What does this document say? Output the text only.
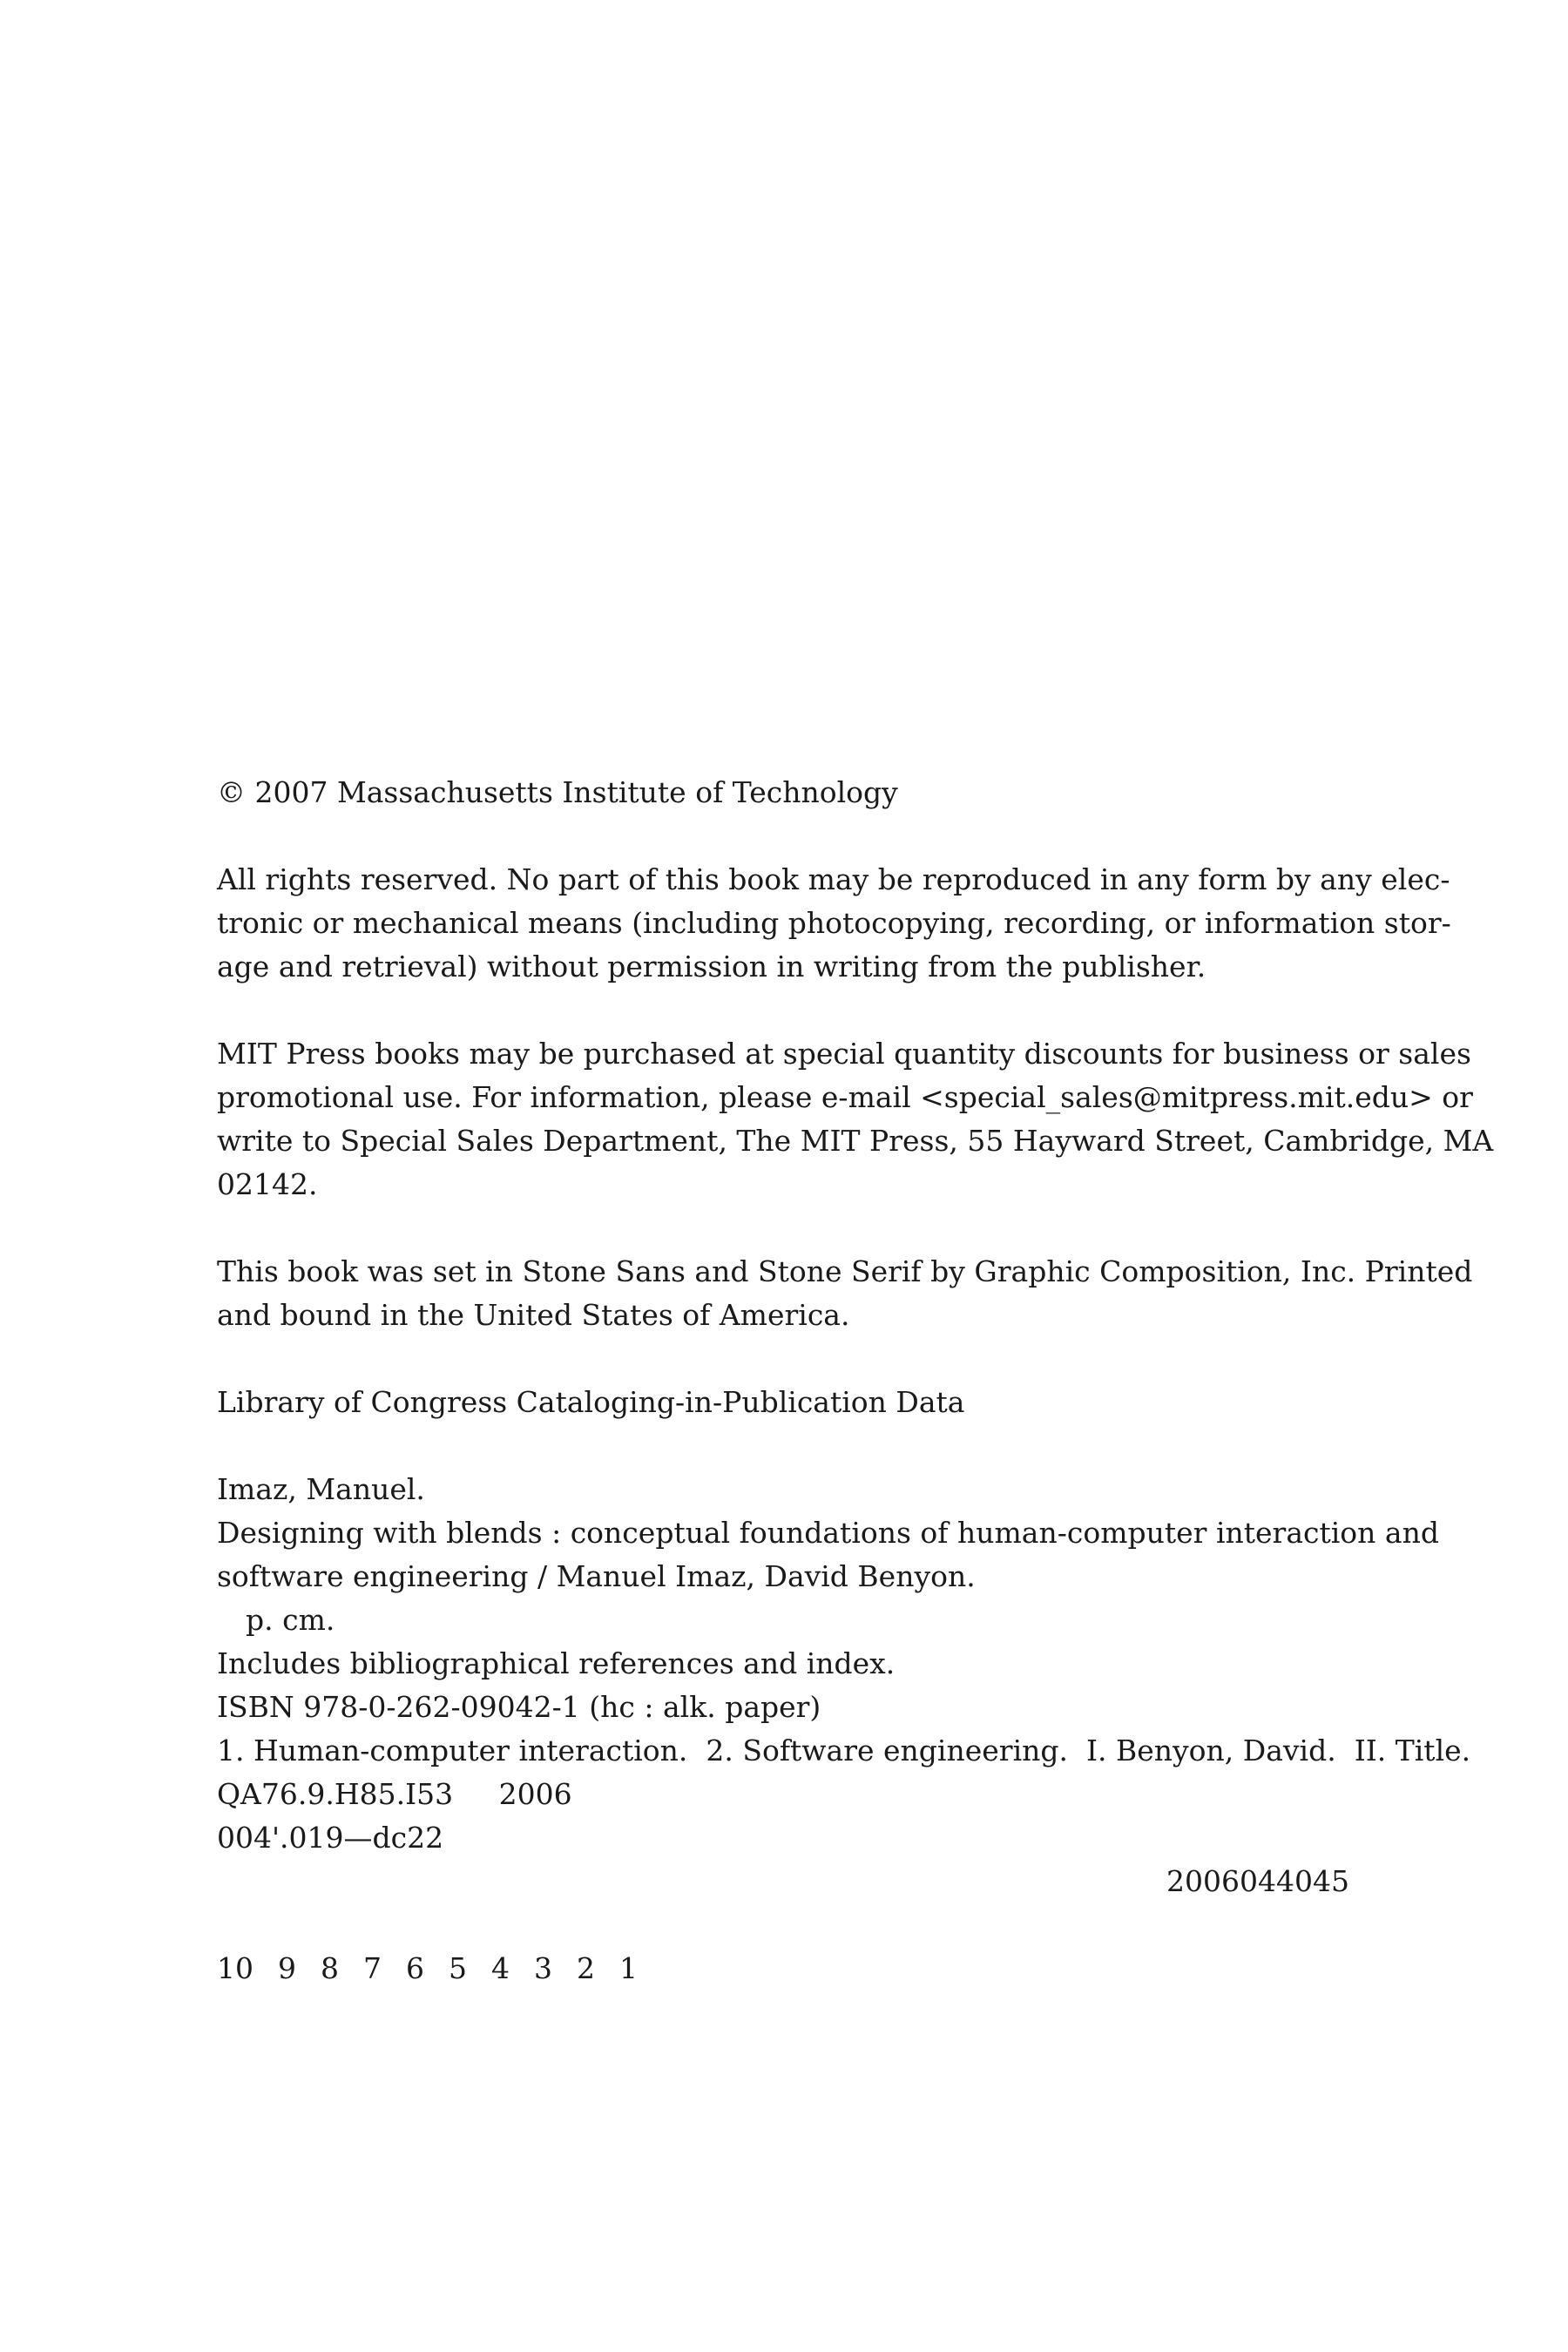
© 2007 Massachusetts Institute of Technology
All rights reserved. No part of this book may be reproduced in any form by any elec-
tronic or mechanical means (including photocopying, recording, or information stor-
age and retrieval) without permission in writing from the publisher.
MIT Press books may be purchased at special quantity discounts for business or sales
promotional use. For information, please e-mail <special_sales@mitpress.mit.edu> or
write to Special Sales Department, The MIT Press, 55 Hayward Street, Cambridge, MA
02142.
This book was set in Stone Sans and Stone Serif by Graphic Composition, Inc. Printed
and bound in the United States of America.
Library of Congress Cataloging-in-Publication Data
Imaz, Manuel.
Designing with blends : conceptual foundations of human-computer interaction and
software engineering / Manuel Imaz, David Benyon.
p. cm.
Includes bibliographical references and index.
ISBN 978-0-262-09042-1 (hc : alk. paper)
1. Human-computer interaction.  2. Software engineering.  I. Benyon, David.  II. Title.
QA76.9.H85.I53     2006
004'.019—dc22
2006044045
10 9 8 7 6 5 4 3 2 1
